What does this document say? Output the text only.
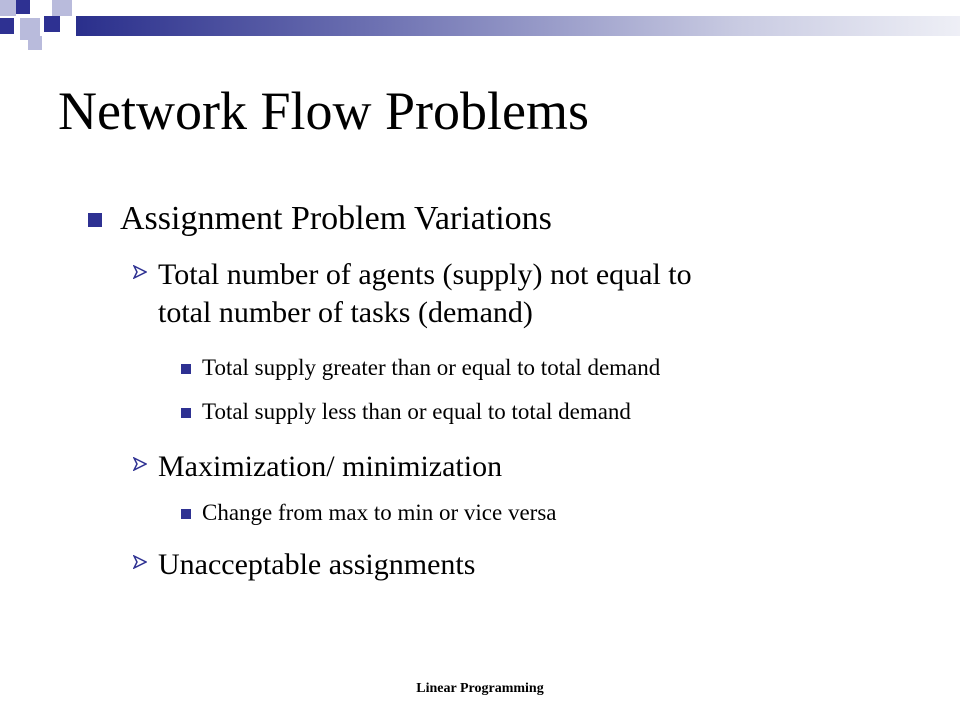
Network Flow Problems
Assignment Problem Variations
Total number of agents (supply) not equal to
total number of tasks (demand)
Total supply greater than or equal to total demand
Total supply less than or equal to total demand
Maximization/ minimization
Change from max to min or vice versa
Unacceptable assignments
Linear Programming
